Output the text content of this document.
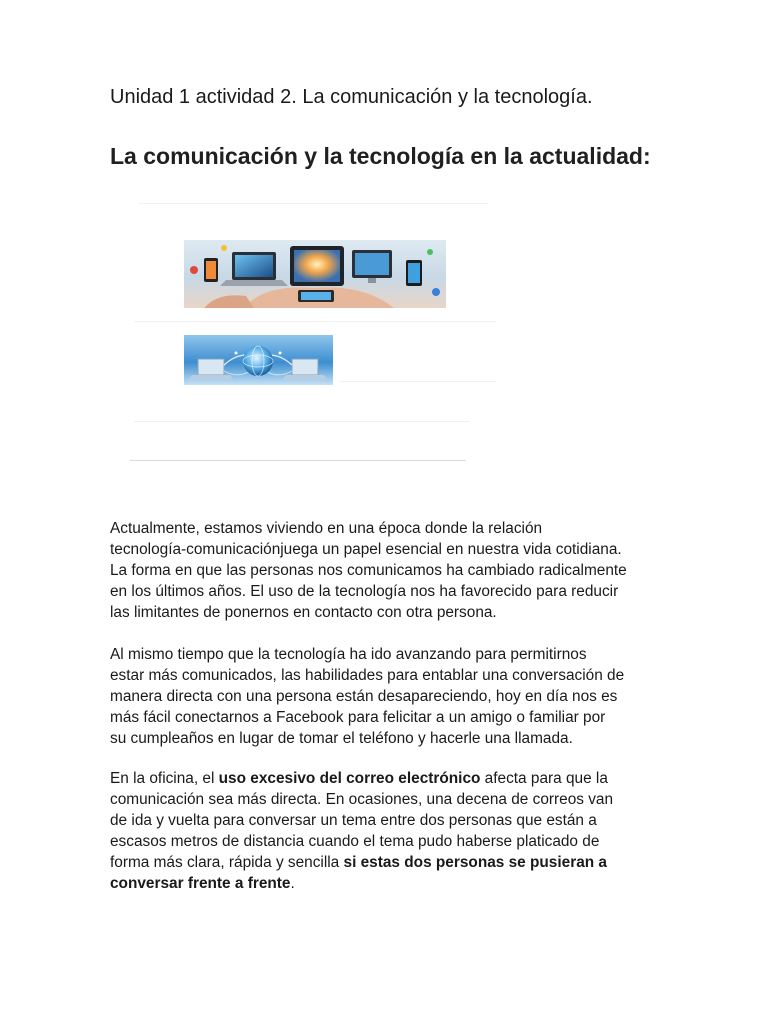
Unidad 1 actividad 2. La comunicación y la tecnología.
La comunicación y la tecnología en la actualidad:

Actualmente, estamos viviendo en una época donde la relación
tecnología-comunicaciónjuega un papel esencial en nuestra vida cotidiana.
La forma en que las personas nos comunicamos ha cambiado radicalmente
en los últimos años. El uso de la tecnología nos ha favorecido para reducir
las limitantes de ponernos en contacto con otra persona.

Al mismo tiempo que la tecnología ha ido avanzando para permitirnos
estar más comunicados, las habilidades para entablar una conversación de
manera directa con una persona están desapareciendo, hoy en día nos es
más fácil conectarnos a Facebook para felicitar a un amigo o familiar por
su cumpleaños en lugar de tomar el teléfono y hacerle una llamada.

En la oficina, el uso excesivo del correo electrónico afecta para que la
comunicación sea más directa. En ocasiones, una decena de correos van
de ida y vuelta para conversar un tema entre dos personas que están a
escasos metros de distancia cuando el tema pudo haberse platicado de
forma más clara, rápida y sencilla si estas dos personas se pusieran a
conversar frente a frente.
